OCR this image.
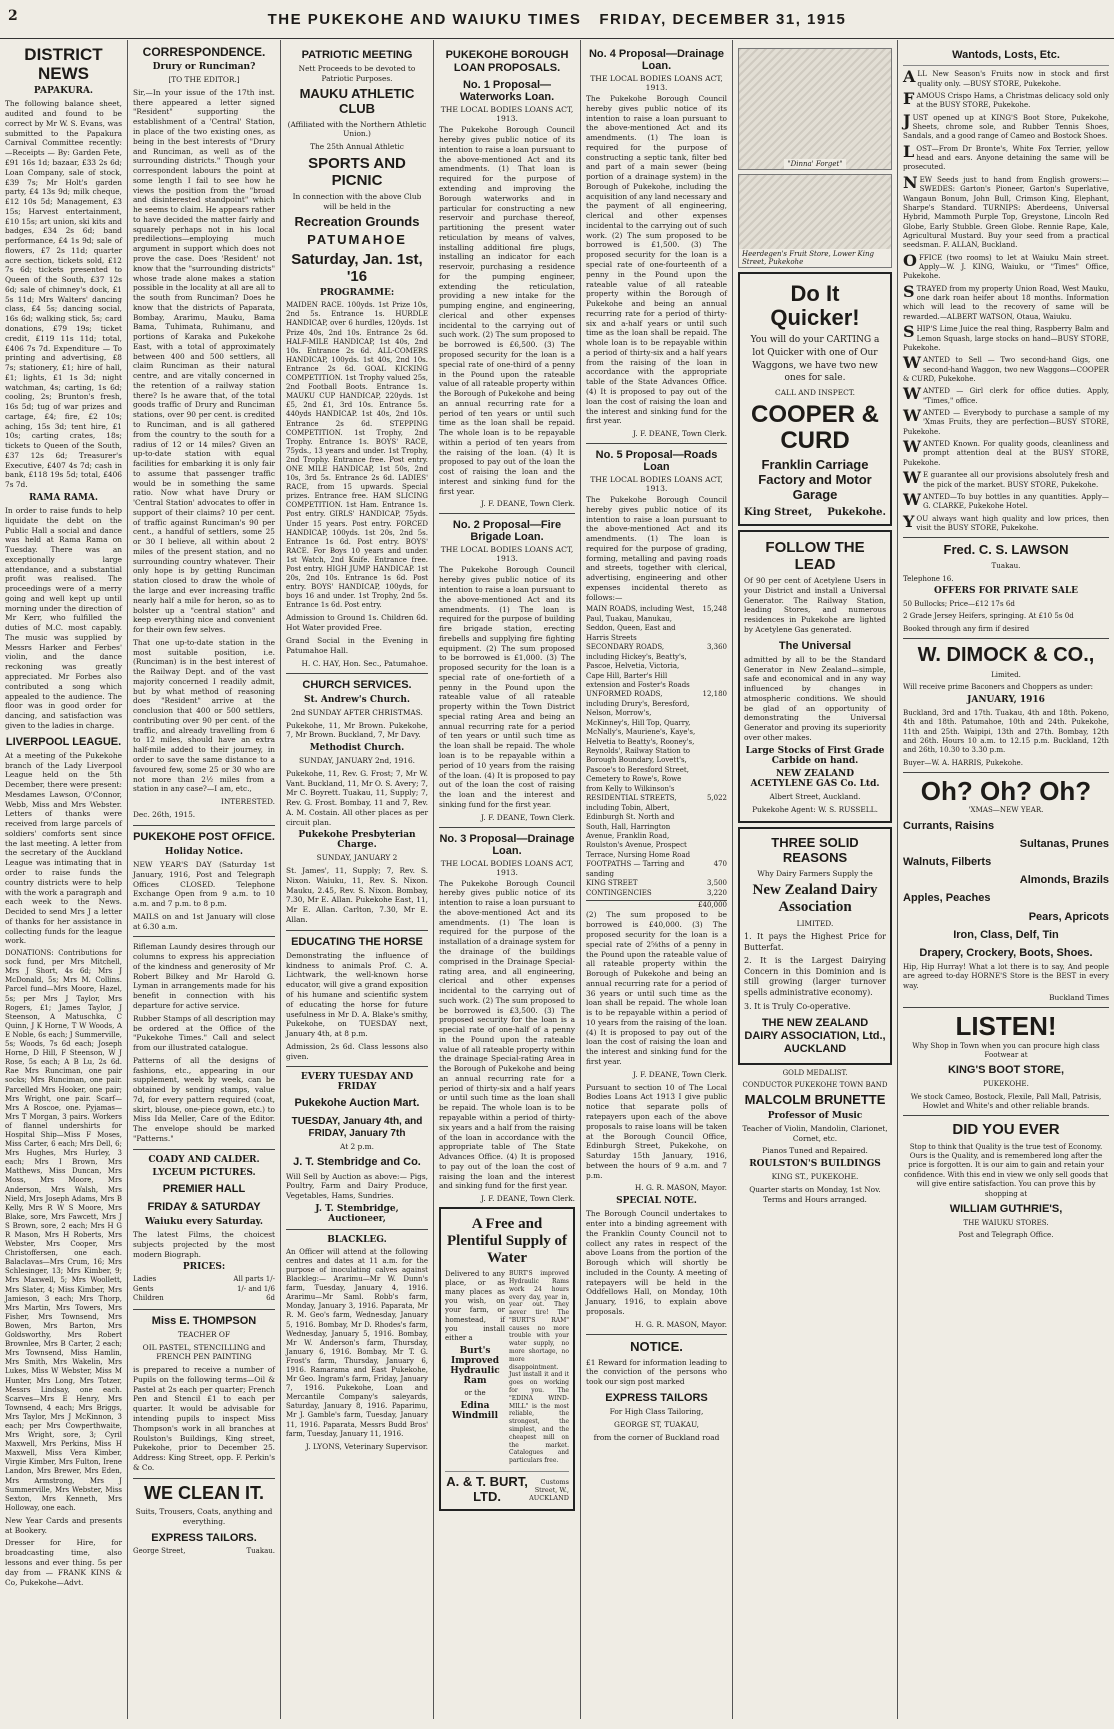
2	THE PUKEKOHE AND WAIUKU TIMES FRIDAY, DECEMBER 31, 1915
DISTRICT NEWS
PAPAKURA.

The following balance sheet, audited and found to be correct by Mr W. S. Evans, was submitted to the Papakura Carnival Committee recently:—Receipts — By: Garden Fete, £91 16s 1d; bazaar, £33 2s 6d; Loan Company, sale of stock, £39 7s; Mr Holt's garden party, £4 13s 9d; milk cheque, £12 10s 5d; Management, £3 15s; Harvest entertainment, £10 15s; art union, ski kits and badges, £34 2s 6d; band performance, £4 1s 9d; sale of flowers, £7 2s 11d; quarter acre section, tickets sold, £12 7s 6d; tickets presented to Queen of the South, £37 12s 6d; sale of chimney's dock, £1 5s 11d; Mrs Walters' dancing class, £4 5s; dancing social, 16s 6d; walking stick, 5s; card donations, £79 19s; ticket credit, £119 11s 11d; total, £406 7s 7d. Expenditure — To printing and advertising, £8 7s; stationery, £1; hire of hall, £1; lights, £1 1s 3d; night watchman, 4s; carting, 1s 6d; cooling, 2s; Brunton's fresh, 16s 5d; tug of war prizes and cartage, £4; fire, £2 10s; aching, 15s 3d; tent hire, £1 10s; carting crates, 18s; tickets to Queen of the South, £37 12s 6d; Treasurer's Executive, £407 4s 7d; cash in bank, £118 19s 5d; total, £406 7s 7d.

RAMA RAMA.

In order to raise funds to help liquidate the debt on the Public Hall a social and dance was held at Rama Rama on Tuesday. There was an exceptionally large attendance, and a substantial profit was realised. The proceedings were of a merry going and well kept up until morning under the direction of Mr Kerr, who fulfilled the duties of M.C. most capably. The music was supplied by Messrs Harker and Ferbes' violin, and the dance reckoning was greatly appreciated. Mr Forbes also contributed a song which appealed to the audience. The floor was in good order for dancing, and satisfaction was given to the ladies in charge.

LIVERPOOL LEAGUE.

At a meeting of the Pukekohe branch of the Lady Liverpool League held on the 5th December, there were present: Mesdames Lawson, O'Connor, Webb, Miss and Mrs Webster. Letters of thanks were received from large parcels of soldiers' comforts sent since the last meeting. A letter from the secretary of the Auckland League was intimating that in order to raise funds the country districts were to help with the work a paragraph and each week to the News. Decided to send Mrs J a letter of thanks for her assistance in collecting funds for the league work.

DONATIONS: Contributions for sock fund, per Mrs Mitchell, Mrs J Short, 4s 6d; Mrs J McDonald, 5s; Mrs M. Collins. Parcel fund—Mrs Moore, Hazel, 5s; per Mrs J Taylor, Mrs Rogers, £1; James Taylor, J Steenson, A Matuschka, C Quinn, J K Horne, T W Woods, A E Noble, 6s each; J Summerville, 5s; Woods, 7s 6d each; Joseph Horne, D Hill, F Steenson, W J Rose, 5s each; A B Lu, 2s 6d. Rae Mrs Runciman, one pair socks; Mrs Runciman, one pair. Parcelled Mrs Hooker, one pair; Mrs Wright, one pair. Scarf—Mrs A Roscoe, one. Pyjamas—Mrs T Morgan, 3 pairs. Workers of flannel undershirts for Hospital Ship—Miss F Moses, Miss Carter, 6 each; Mrs Dell, 6; Mrs Hughes, Mrs Hurley, 3 each; Mrs I Brown, Mrs Matthews, Miss Duncan, Mrs Moss, Mrs Moore, Mrs Anderson, Mrs Walsh, Mrs Nield, Mrs Joseph Adams, Mrs B Kelly, Mrs R W S Moore, Mrs Blake, sore, Mrs Fawcett, Mrs J S Brown, sore, 2 each; Mrs H G R Mason, Mrs H Roberts, Mrs Webster, Mrs Cooper, Mrs Christoffersen, one each. Balaclavas—Mrs Crum, 16; Mrs Schlesinger, 13; Mrs Kimber, 9; Mrs Maxwell, 5; Mrs Woollett, Mrs Slater, 4; Miss Kimber, Mrs Jamieson, 3 each; Mrs Thorp, Mrs Martin, Mrs Towers, Mrs Fisher, Mrs Townsend, Mrs Bowen, Mrs Barton, Mrs Goldsworthy, Mrs Robert Brownlee, Mrs B Carter, 2 each; Mrs Townsend, Miss Hamlin, Mrs Smith, Mrs Wakelin, Mrs Lukes, Miss W Webster, Miss M Hunter, Mrs Long, Mrs Totzer, Messrs Lindsay, one each. Scarves—Mrs E Henry, Mrs Townsend, 4 each; Mrs Briggs, Mrs Taylor, Mrs J McKinnon, 3 each; per Mrs Cowperthwaite, Mrs Wright, sore, 3; Cyril Maxwell, Mrs Perkins, Miss H Maxwell, Miss Vera Kimber, Virgie Kimber, Mrs Fulton, Irene Landon, Mrs Brewer, Mrs Eden, Mrs Armstrong, Mrs J Summerville, Mrs Webster, Miss Sexton, Mrs Kenneth, Mrs Holloway, one each.

New Year Cards and presents at Bookery.

Dresser for Hire, for broadcasting time, also lessons and ever thing. 5s per day from — FRANK KINS & Co, Pukekohe—Advt.

CORRESPONDENCE.
Drury or Runciman?

[TO THE EDITOR.]

Sir,—In your issue of the 17th inst. there appeared a letter signed "Resident" supporting the establishment of a 'Central' Station, in place of the two existing ones, as being in the best interests of "Drury and Runciman, as well as of the surrounding districts." Though your correspondent labours the point at some length I fail to see how he views the position from the "broad and disinterested standpoint" which he seems to claim. He appears rather to have decided the matter fairly and squarely perhaps not in his local predilections—employing much argument in support which does not prove the case. Does 'Resident' not know that the "surrounding districts" whose trade alone makes a station possible in the locality at all are all to the south from Runciman? Does he know that the districts of Paparata, Bombay, Ararimu, Mauku, Bama Bama, Tuhimata, Ruhimanu, and portions of Karaka and Pukekohe East, with a total of approximately between 400 and 500 settlers, all claim Runciman as their natural centre, and are vitally concerned in the retention of a railway station there? Is he aware that, of the total goods traffic of Drury and Runciman stations, over 90 per cent. is credited to Runciman, and is all gathered from the country to the south for a radius of 12 or 14 miles? Given an up-to-date station with equal facilities for embarking it is only fair to assume that passenger traffic would be in something the same ratio. Now what have Drury or 'Central Station' advocates to offer in support of their claims? 10 per cent. of traffic against Runciman's 90 per cent., a handful of settlers, some 25 or 30 I believe, all within about 2 miles of the present station, and no surrounding country whatever. Their only hope is by getting Runciman station closed to draw the whole of the large and ever increasing traffic nearly half a mile for heron, so as to bolster up a "central station" and keep everything nice and convenient for their own few selves.

That one up-to-date station in the most suitable position, i.e. (Runciman) is in the best interest of the Railway Dept. and of the vast majority concerned I readily admit, but by what method of reasoning does "Resident" arrive at the conclusion that 400 or 500 settlers, contributing over 90 per cent. of the traffic, and already travelling from 6 to 12 miles, should have an extra half-mile added to their journey, in order to save the same distance to a favoured few, some 25 or 30 who are not more than 2½ miles from a station in any case?—I am, etc.,

INTERESTED.

Dec. 26th, 1915.

PUKEKOHE POST OFFICE.
Holiday Notice.

NEW YEAR'S DAY (Saturday 1st January, 1916, Post and Telegraph Offices CLOSED. Telephone Exchange Open from 9 a.m. to 10 a.m. and 7 p.m. to 8 p.m.

MAILS on and 1st January will close at 6.30 a.m.

Rifleman Laundy desires through our columns to express his appreciation of the kindness and generosity of Mr Robert Bilkey and Mr Harold G. Lyman in arrangements made for his benefit in connection with his departure for active service.

Rubber Stamps of all description may be ordered at the Office of the "Pukekohe Times." Call and select from our illustrated catalogue.

Patterns of all the designs of fashions, etc., appearing in our supplement, week by week, can be obtained by sending stamps, value 7d, for every pattern required (coat, skirt, blouse, one-piece gown, etc.) to Miss Ida Meller, Care of the Editor. The envelope should be marked "Patterns."

COADY AND CALDER.
LYCEUM PICTURES.
PREMIER HALL
FRIDAY & SATURDAY
Waiuku every Saturday.

The latest Films, the choicest subjects projected by the most modern Biograph.

PRICES:
Ladies	All parts 1/-
Gents	1/- and 1/6
Children	6d
Miss E. THOMPSON

TEACHER OF

OIL PASTEL, STENCILLING and FRENCH PEN PAINTING

is prepared to receive a number of Pupils on the following terms—Oil & Pastel at 2s each per quarter; French Pen and Stencil £1 to each per quarter. It would be advisable for intending pupils to inspect Miss Thompson's work in all branches at Roulston's Buildings, King street, Pukekohe, prior to December 25. Address: King Street, opp. F. Perkin's & Co.

WE CLEAN IT.

Suits, Trousers, Coats, anything and everything.

EXPRESS TAILORS.
George Street,	Tuakau.
PATRIOTIC MEETING

Nett Proceeds to be devoted to Patriotic Purposes.

MAUKU ATHLETIC CLUB

(Affiliated with the Northern Athletic Union.)

The 25th Annual Athletic

SPORTS AND PICNIC

In connection with the above Club will be held in the

Recreation Grounds
PATUMAHOE
Saturday, Jan. 1st, '16
PROGRAMME:

MAIDEN RACE. 100yds. 1st Prize 10s, 2nd 5s. Entrance 1s. HURDLE HANDICAP, over 6 hurdles, 120yds. 1st Prize 40s, 2nd 10s. Entrance 2s 6d. HALF-MILE HANDICAP, 1st 40s, 2nd 10s. Entrance 2s 6d. ALL-COMERS HANDICAP, 100yds. 1st 40s, 2nd 10s. Entrance 2s 6d. GOAL KICKING COMPETITION. 1st Trophy valued 25s, 2nd Football Boots. Entrance 1s. MAUKU CUP HANDICAP, 220yds. 1st £5, 2nd £1, 3rd 10s. Entrance 5s. 440yds HANDICAP. 1st 40s, 2nd 10s. Entrance 2s 6d. STEPPING COMPETITION. 1st Trophy, 2nd Trophy. Entrance 1s. BOYS' RACE, 75yds., 13 years and under. 1st Trophy, 2nd Trophy. Entrance free. Post entry. ONE MILE HANDICAP, 1st 50s, 2nd 10s, 3rd 5s. Entrance 2s 6d. LADIES' RACE, from 15 upwards. Special prizes. Entrance free. HAM SLICING COMPETITION. 1st Ham. Entrance 1s. Post entry. GIRLS' HANDICAP, 75yds. Under 15 years. Post entry. FORCED HANDICAP, 100yds. 1st 20s, 2nd 5s. Entrance 1s 6d. Post entry. BOYS' RACE. For Boys 10 years and under. 1st Watch, 2nd Knife. Entrance free. Post entry. HIGH JUMP HANDICAP. 1st 20s, 2nd 10s. Entrance 1s 6d. Post entry. BOYS' HANDICAP, 100yds, for boys 16 and under. 1st Trophy, 2nd 5s. Entrance 1s 6d. Post entry.

Admission to Ground 1s. Children 6d. Hot Water provided Free.

Grand Social in the Evening in Patumahoe Hall.

H. C. HAY, Hon. Sec., Patumahoe.
CHURCH SERVICES.
St. Andrew's Church.

2nd SUNDAY AFTER CHRISTMAS.

Pukekohe, 11, Mr Brown. Pukekohe, 7, Mr Brown. Buckland, 7, Mr Davy.

Methodist Church.

SUNDAY, JANUARY 2nd, 1916.

Pukekohe, 11, Rev. G. Frost; 7, Mr W. Vant. Buckland, 11, Mr O. S. Avery; 7, Mr C. Boyrett. Tuakau, 11, Supply; 7, Rev. G. Frost. Bombay, 11 and 7, Rev. A. M. Costain. All other places as per circuit plan.

Pukekohe Presbyterian Charge.

SUNDAY, JANUARY 2

St. James', 11, Supply; 7, Rev. S. Nixon. Waiuku, 11, Rev. S. Nixon. Mauku, 2.45, Rev. S. Nixon. Bombay, 7.30, Mr E. Allan. Pukekohe East, 11, Mr E. Allan. Carlton, 7.30, Mr E. Allan.

EDUCATING THE HORSE

Demonstrating the influence of kindness to animals Prof. C. A. Lichtwark, the well-known horse educator, will give a grand exposition of his humane and scientific system of educating the horse for future usefulness in Mr D. A. Blake's smithy, Pukekohe, on TUESDAY next, January 4th, at 8 p.m.

Admission, 2s 6d. Class lessons also given.

EVERY TUESDAY AND FRIDAY
Pukekohe Auction Mart.
TUESDAY, January 4th, and FRIDAY, January 7th

At 2 p.m.

J. T. Stembridge and Co.

Will Sell by Auction as above:— Pigs, Poultry, Farm and Dairy Produce, Vegetables, Hams, Sundries.

J. T. Stembridge, Auctioneer,
BLACKLEG.

An Officer will attend at the following centres and dates at 11 a.m. for the purpose of inoculating calves against Blackleg:— Ararimu—Mr W. Dunn's farm, Tuesday, January 4, 1916. Ararimu—Mr Saml. Robb's farm, Monday, January 3, 1916. Paparata, Mr R. M. Geo's farm, Wednesday, January 5, 1916. Bombay, Mr D. Rhodes's farm, Wednesday, January 5, 1916. Bombay, Mr W. Anderson's farm, Thursday, January 6, 1916. Bombay, Mr T. G. Frost's farm, Thursday, January 6, 1916. Ramarama and East Pukekohe, Mr Geo. Ingram's farm, Friday, January 7, 1916. Pukekohe, Loan and Mercantile Company's saleyards, Saturday, January 8, 1916. Paparimu, Mr J. Gamble's farm, Tuesday, January 11, 1916. Paparata, Messrs Budd Bros' farm, Tuesday, January 11, 1916.

J. LYONS, Veterinary Supervisor.
PUKEKOHE BOROUGH LOAN PROPOSALS.
No. 1 Proposal—Waterworks Loan.
THE LOCAL BODIES LOANS ACT, 1913.

The Pukekohe Borough Council hereby gives public notice of its intention to raise a loan pursuant to the above-mentioned Act and its amendments. (1) That loan is required for the purpose of extending and improving the Borough waterworks and in particular for constructing a new reservoir and purchase thereof, partitioning the present water reticulation by means of valves, installing additional fire plugs, installing an indicator for each reservoir, purchasing a residence for the pumping engineer, extending the reticulation, providing a new intake for the pumping engine, and engineering, clerical and other expenses incidental to the carrying out of such work. (2) The sum proposed to be borrowed is £6,500. (3) The proposed security for the loan is a special rate of one-third of a penny in the Pound upon the rateable value of all rateable property within the Borough of Pukekohe and being an annual recurring rate for a period of ten years or until such time as the loan shall be repaid. The whole loan is to be repayable within a period of ten years from the raising of the loan. (4) It is proposed to pay out of the loan the cost of raising the loan and the interest and sinking fund for the first year.

J. F. DEANE, Town Clerk.
No. 2 Proposal—Fire Brigade Loan.
THE LOCAL BODIES LOANS ACT, 1913.

The Pukekohe Borough Council hereby gives public notice of its intention to raise a loan pursuant to the above-mentioned Act and its amendments. (1) The loan is required for the purpose of building fire brigade station, erecting firebells and supplying fire fighting equipment. (2) The sum proposed to be borrowed is £1,000. (3) The proposed security for the loan is a special rate of one-fortieth of a penny in the Pound upon the rateable value of all rateable property within the Town District special rating Area and being an annual recurring rate for a period of ten years or until such time as the loan shall be repaid. The whole loan is to be repayable within a period of 10 years from the raising of the loan. (4) It is proposed to pay out of the loan the cost of raising the loan and the interest and sinking fund for the first year.

J. F. DEANE, Town Clerk.
No. 3 Proposal—Drainage Loan.
THE LOCAL BODIES LOANS ACT, 1913.

The Pukekohe Borough Council hereby gives public notice of its intention to raise a loan pursuant to the above-mentioned Act and its amendments. (1) The loan is required for the purpose of the installation of a drainage system for the drainage of the buildings comprised in the Drainage Special-rating area, and all engineering, clerical and other expenses incidental to the carrying out of such work. (2) The sum proposed to be borrowed is £3,500. (3) The proposed security for the loan is a special rate of one-half of a penny in the Pound upon the rateable value of all rateable property within the drainage Special-rating Area in the Borough of Pukekohe and being an annual recurring rate for a period of thirty-six and a half years or until such time as the loan shall be repaid. The whole loan is to be repayable within a period of thirty-six years and a half from the raising of the loan in accordance with the appropriate table of The State Advances Office. (4) It is proposed to pay out of the loan the cost of raising the loan and the interest and sinking fund for the first year.

J. F. DEANE, Town Clerk.
A Free and Plentiful Supply of Water

Delivered to any place, or as many places as you wish, on your farm, or homestead, if you install either a

Burt's Improved Hydraulic Ram

or the

Edina Windmill

BURT'S improved Hydraulic Rams work 24 hours every day, year in, year out. They never tire! The "BURT'S RAM" causes no more trouble with your water supply, no more shortage, no more disappointment. Just install it and it goes on working for you. The "EDINA WIND-MILL" is the most reliable, the strongest, the simplest, and the cheapest mill on the market. Catalogues and particulars free.

A. & T. BURT, LTD.
Customs Street, W., AUCKLAND
No. 4 Proposal—Drainage Loan.
THE LOCAL BODIES LOANS ACT, 1913.

The Pukekohe Borough Council hereby gives public notice of its intention to raise a loan pursuant to the above-mentioned Act and its amendments. (1) The loan is required for the purpose of constructing a septic tank, filter bed and part of a main sewer (being portion of a drainage system) in the Borough of Pukekohe, including the acquisition of any land necessary and the payment of all engineering, clerical and other expenses incidental to the carrying out of such work. (2) The sum proposed to be borrowed is £1,500. (3) The proposed security for the loan is a special rate of one-fourteenth of a penny in the Pound upon the rateable value of all rateable property within the Borough of Pukekohe and being an annual recurring rate for a period of thirty-six and a-half years or until such time as the loan shall be repaid. The whole loan is to be repayable within a period of thirty-six and a half years from the raising of the loan in accordance with the appropriate table of the State Advances Office. (4) It is proposed to pay out of the loan the cost of raising the loan and the interest and sinking fund for the first year.

J. F. DEANE, Town Clerk.
No. 5 Proposal—Roads Loan
THE LOCAL BODIES LOANS ACT, 1913.

The Pukekohe Borough Council hereby gives public notice of its intention to raise a loan pursuant to the above-mentioned Act and its amendments. (1) The loan is required for the purpose of grading, forming, metalling and paving roads and streets, together with clerical, advertising, engineering and other expenses incidental thereto as follows:—

MAIN ROADS, including West, Paul, Tuakau, Manukau, Seddon, Queen, East and Harris Streets
15,248
SECONDARY ROADS, including Hickey's, Beatty's, Pascoe, Helvetia, Victoria, Cape Hill, Barter's Hill extension and Foster's Roads
3,360
UNFORMED ROADS, including Drury's, Beresford, Nelson, Morrow's, McKinney's, Hill Top, Quarry, McNally's, Mauriene's, Kaye's, Helvetia to Beatty's, Rooney's, Reynolds', Railway Station to Borough Boundary, Lovett's, Pascoe's to Beresford Street, Cemetery to Rowe's, Rowe from Kelly to Wilkinson's
12,180
RESIDENTIAL STREETS, including Tobin, Albert, Edinburgh St. North and South, Hall, Harrington Avenue, Franklin Road, Roulston's Avenue, Prospect Terrace, Nursing Home Road
5,022
FOOTPATHS — Tarring and sanding
470
KING STREET	3,500
CONTINGENCIES	3,220
£40,000

(2) The sum proposed to be borrowed is £40,000. (3) The proposed security for the loan is a special rate of 2⅝ths of a penny in the Pound upon the rateable value of all rateable property within the Borough of Pukekohe and being an annual recurring rate for a period of 36 years or until such time as the loan shall be repaid. The whole loan is to be repayable within a period of 10 years from the raising of the loan. (4) It is proposed to pay out of the loan the cost of raising the loan and the interest and sinking fund for the first year.

J. F. DEANE, Town Clerk.

Pursuant to section 10 of The Local Bodies Loans Act 1913 I give public notice that separate polls of ratepayers upon each of the above proposals to raise loans will be taken at the Borough Council Office, Edinburgh Street, Pukekohe, on Saturday 15th January, 1916, between the hours of 9 a.m. and 7 p.m.

H. G. R. MASON, Mayor.
SPECIAL NOTE.

The Borough Council undertakes to enter into a binding agreement with the Franklin County Council not to collect any rates in respect of the above Loans from the portion of the Borough which will shortly be included in the County. A meeting of ratepayers will be held in the Oddfellows Hall, on Monday, 10th January, 1916, to explain above proposals.

H. G. R. MASON, Mayor.
NOTICE.

£1 Reward for information leading to the conviction of the persons who took our sign post marked

EXPRESS TAILORS

For High Class Tailoring,

GEORGE ST, TUAKAU,

from the corner of Buckland road

"Dinna' Forget"
Heerdegen's Fruit Store, Lower King Street, Pukekohe
Do It Quicker!

You will do your CARTING a lot Quicker with one of Our Waggons, we have two new ones for sale.

CALL AND INSPECT.

COOPER & CURD
Franklin Carriage Factory and Motor Garage
King Street, Pukekohe.
FOLLOW THE LEAD

Of 90 per cent of Acetylene Users in your District and install a Universal Generator. The Railway Station, leading Stores, and numerous residences in Pukekohe are lighted by Acetylene Gas generated.

The Universal

admitted by all to be the Standard Generator in New Zealand—simple, safe and economical and in any way influenced by changes in atmospheric conditions. We should be glad of an opportunity of demonstrating the Universal Generator and proving its superiority over other makes.

Large Stocks of First Grade Carbide on hand.
NEW ZEALAND ACETYLENE GAS Co. Ltd.

Albert Street, Auckland.

Pukekohe Agent: W. S. RUSSELL.

THREE SOLID REASONS

Why Dairy Farmers Supply the

New Zealand Dairy Association

LIMITED.

1. It pays the Highest Price for Butterfat.

2. It is the Largest Dairying Concern in this Dominion and is still growing (larger turnover spells administrative economy).

3. It is Truly Co-operative.

THE NEW ZEALAND DAIRY ASSOCIATION, Ltd., AUCKLAND

GOLD MEDALIST.

CONDUCTOR PUKEKOHE TOWN BAND

MALCOLM BRUNETTE
Professor of Music

Teacher of Violin, Mandolin, Clarionet, Cornet, etc.

Pianos Tuned and Repaired.

ROULSTON'S BUILDINGS

KING ST., PUKEKOHE.

Quarter starts on Monday, 1st Nov. Terms and Hours arranged.

Wantods, Losts, Etc.

ALL New Season's Fruits now in stock and first quality only. —BUSY STORE, Pukekohe.

FAMOUS Crispo Hams, a Christmas delicacy sold only at the BUSY STORE, Pukekohe.

JUST opened up at KING'S Boot Store, Pukekohe, Sheets, chrome sole, and Rubber Tennis Shoes, Sandals, and a good range of Cameo and Bostock Shoes.

LOST—From Dr Bronte's, White Fox Terrier, yellow head and ears. Anyone detaining the same will be prosecuted.

NEW Seeds just to hand from English growers:— SWEDES: Garton's Pioneer, Garton's Superlative, Wangaun Bonum, John Bull, Crimson King, Elephant, Sharpe's Standard. TURNIPS: Aberdeens, Universal Hybrid, Mammoth Purple Top, Greystone, Lincoln Red Globe, Early Stubble. Green Globe. Rennie Rape, Kale, Agricultural Mustard. Buy your seed from a practical seedsman. F. ALLAN, Buckland.

OFFICE (two rooms) to let at Waiuku Main street. Apply—W. J. KING, Waiuku, or "Times" Office, Pukekohe.

STRAYED from my property Union Road, West Mauku, one dark roan heifer about 18 months. Information which will lead to the recovery of same will be rewarded.—ALBERT WATSON, Otaua, Waiuku.

SHIP'S Lime Juice the real thing, Raspberry Balm and Lemon Squash, large stocks on hand—BUSY STORE, Pukekohe.

WANTED to Sell — Two second-hand Gigs, one second-hand Waggon, two new Waggons—COOPER & CURD, Pukekohe.

WANTED — Girl clerk for office duties. Apply, "Times," office.

WANTED — Everybody to purchase a sample of my 'Xmas Fruits, they are perfection—BUSY STORE, Pukekohe.

WANTED Known. For quality goods, cleanliness and prompt attention deal at the BUSY STORE, Pukekohe.

WE guarantee all our provisions absolutely fresh and the pick of the market. BUSY STORE, Pukekohe.

WANTED—To buy bottles in any quantities. Apply—G. CLARKE, Pukekohe Hotel.

YOU always want high quality and low prices, then visit the BUSY STORE, Pukekohe.

Fred. C. S. LAWSON

Tuakau.

Telephone 16.

OFFERS FOR PRIVATE SALE

50 Bullocks; Price—£12 17s 6d

2 Grade Jersey Heifers, springing. At £10 5s 0d

Booked through any firm if desired

W. DIMOCK & CO.,

Limited.

Will receive prime Baconers and Choppers as under:

JANUARY, 1916

Buckland, 3rd and 17th. Tuakau, 4th and 18th. Pokeno, 4th and 18th. Patumahoe, 10th and 24th. Pukekohe, 11th and 25th. Waipipi, 13th and 27th. Bombay, 12th and 26th. Hours 10 a.m. to 12.15 p.m. Buckland, 12th and 26th, 10.30 to 3.30 p.m.

Buyer—W. A. HARRIS, Pukekohe.

Oh? Oh? Oh?

'XMAS—NEW YEAR.

Currants, Raisins
Sultanas, Prunes
Walnuts, Filberts
Almonds, Brazils
Apples, Peaches
Pears, Apricots
Iron, Class, Delf, Tin
Drapery, Crockery, Boots, Shoes.

Hip, Hip Hurray! What a lot there is to say, And people are agreed to-day HORNE'S Store is the BEST in every way.

Buckland Times
LISTEN!

Why Shop in Town when you can procure high class Footwear at

KING'S BOOT STORE,

PUKEKOHE.

We stock Cameo, Bostock, Flexile, Pall Mall, Patrisis, Howlet and White's and other reliable brands.

DID YOU EVER

Stop to think that Quality is the true test of Economy. Ours is the Quality, and is remembered long after the price is forgotten. It is our aim to gain and retain your confidence. With this end in view we only sell goods that will give entire satisfaction. You can prove this by shopping at

WILLIAM GUTHRIE'S,

THE WAIUKU STORES.

Post and Telegraph Office.
